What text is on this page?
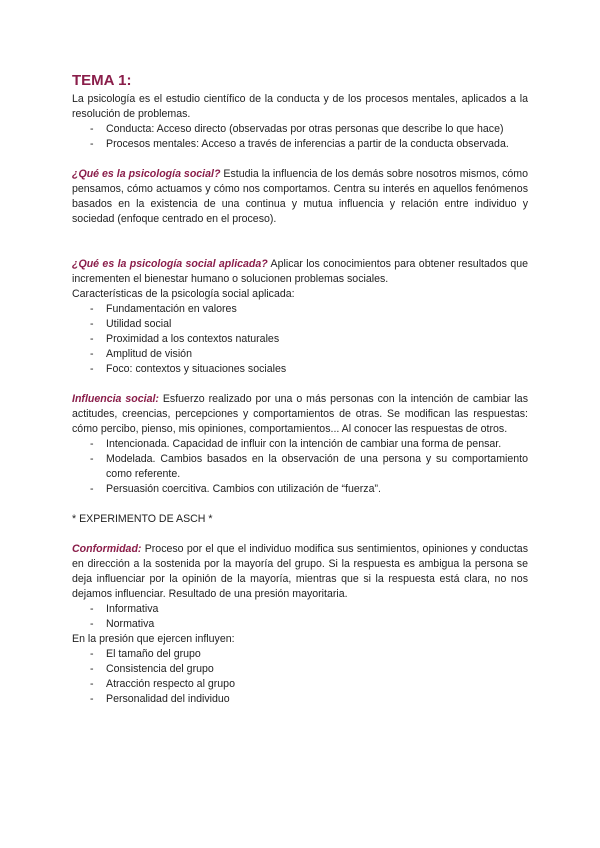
TEMA 1:

La psicología es el estudio científico de la conducta y de los procesos mentales, aplicados a la resolución de problemas.

- Conducta: Acceso directo (observadas por otras personas que describe lo que hace)
- Procesos mentales: Acceso a través de inferencias a partir de la conducta observada.

¿Qué es la psicología social? Estudia la influencia de los demás sobre nosotros mismos, cómo pensamos, cómo actuamos y cómo nos comportamos. Centra su interés en aquellos fenómenos basados en la existencia de una continua y mutua influencia y relación entre individuo y sociedad (enfoque centrado en el proceso).

¿Qué es la psicología social aplicada? Aplicar los conocimientos para obtener resultados que incrementen el bienestar humano o solucionen problemas sociales.

Características de la psicología social aplicada:

- Fundamentación en valores
- Utilidad social
- Proximidad a los contextos naturales
- Amplitud de visión
- Foco: contextos y situaciones sociales

Influencia social: Esfuerzo realizado por una o más personas con la intención de cambiar las actitudes, creencias, percepciones y comportamientos de otras. Se modifican las respuestas: cómo percibo, pienso, mis opiniones, comportamientos... Al conocer las respuestas de otros.

- Intencionada. Capacidad de influir con la intención de cambiar una forma de pensar.
- Modelada. Cambios basados en la observación de una persona y su comportamiento como referente.
- Persuasión coercitiva. Cambios con utilización de “fuerza”.

* EXPERIMENTO DE ASCH *

Conformidad: Proceso por el que el individuo modifica sus sentimientos, opiniones y conductas en dirección a la sostenida por la mayoría del grupo. Si la respuesta es ambigua la persona se deja influenciar por la opinión de la mayoría, mientras que si la respuesta está clara, no nos dejamos influenciar. Resultado de una presión mayoritaria.

- Informativa
- Normativa

En la presión que ejercen influyen:

- El tamaño del grupo
- Consistencia del grupo
- Atracción respecto al grupo
- Personalidad del individuo
